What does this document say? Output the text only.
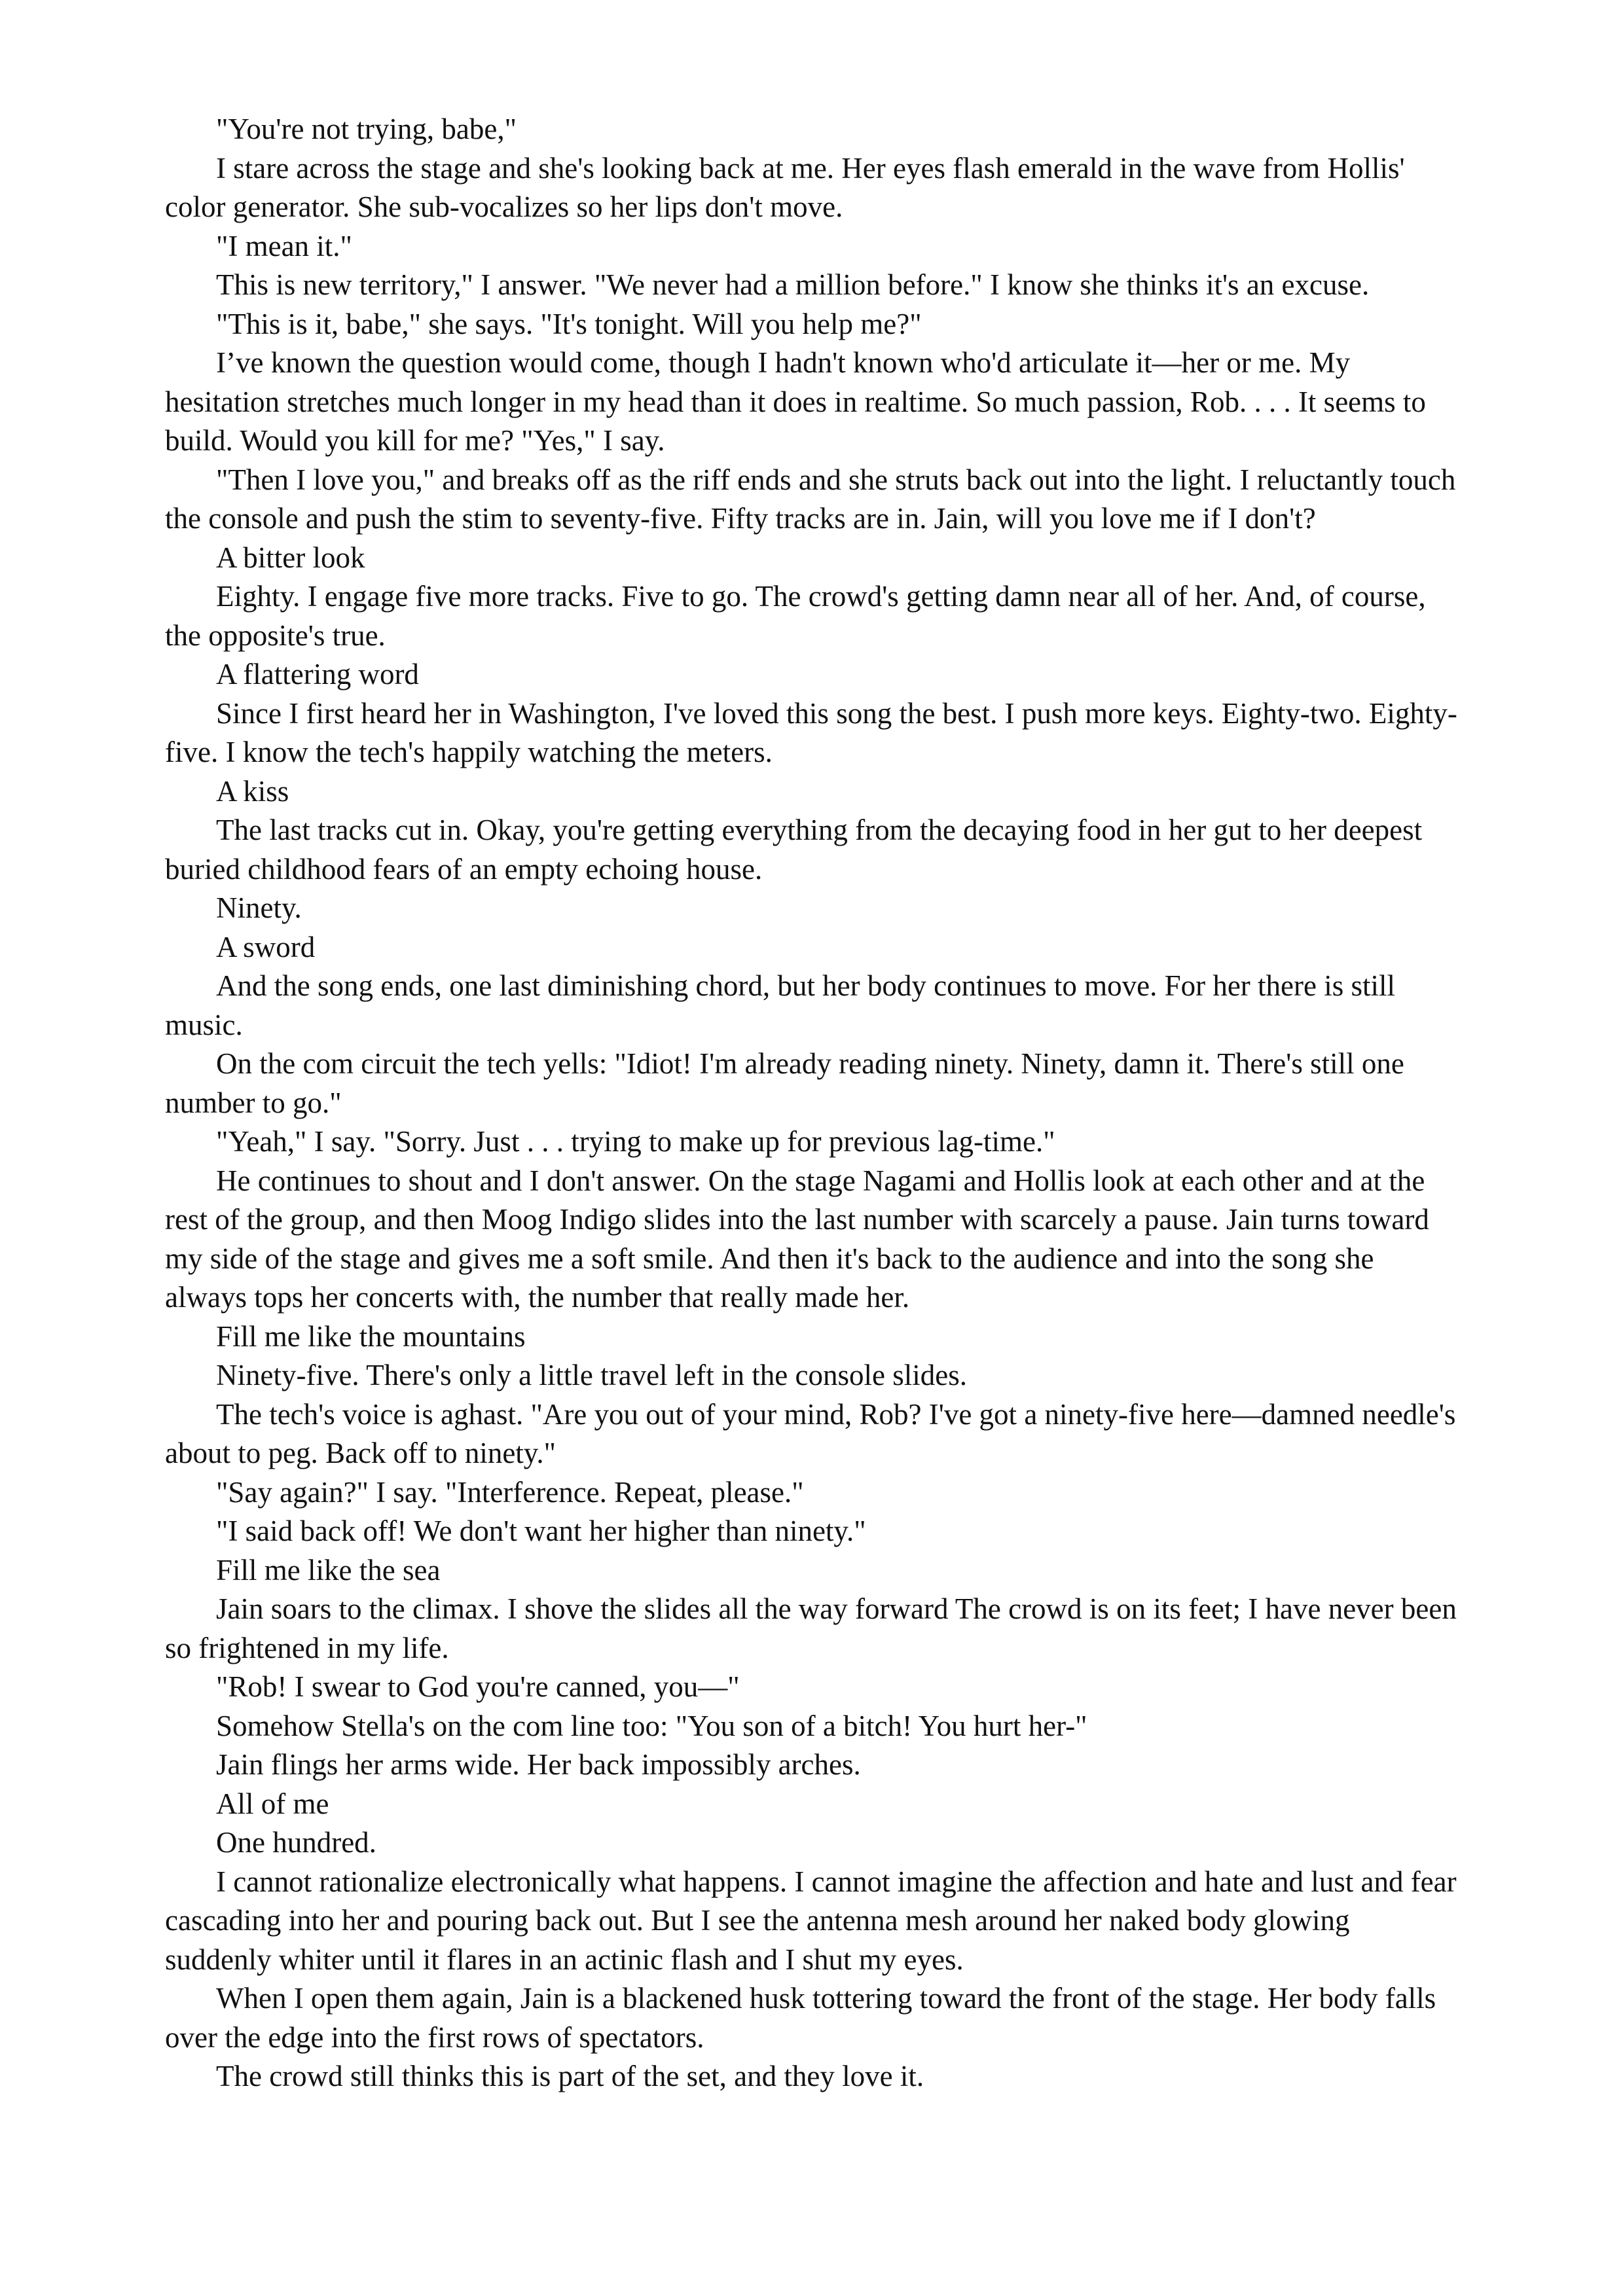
"You're not trying, babe,"

I stare across the stage and she's looking back at me. Her eyes flash emerald in the wave from Hollis' color generator. She sub-vocalizes so her lips don't move.

"I mean it."

This is new territory," I answer. "We never had a million before." I know she thinks it's an excuse.

"This is it, babe," she says. "It's tonight. Will you help me?"

I’ve known the question would come, though I hadn't known who'd articulate it—her or me. My hesitation stretches much longer in my head than it does in realtime. So much passion, Rob. . . . It seems to build. Would you kill for me? "Yes," I say.

"Then I love you," and breaks off as the riff ends and she struts back out into the light. I reluctantly touch the console and push the stim to seventy-five. Fifty tracks are in. Jain, will you love me if I don't?

A bitter look

Eighty. I engage five more tracks. Five to go. The crowd's getting damn near all of her. And, of course, the opposite's true.

A flattering word

Since I first heard her in Washington, I've loved this song the best. I push more keys. Eighty-two. Eighty-five. I know the tech's happily watching the meters.

A kiss

The last tracks cut in. Okay, you're getting everything from the decaying food in her gut to her deepest buried childhood fears of an empty echoing house.

Ninety.

A sword

And the song ends, one last diminishing chord, but her body continues to move. For her there is still music.

On the com circuit the tech yells: "Idiot! I'm already reading ninety. Ninety, damn it. There's still one number to go."

"Yeah," I say. "Sorry. Just . . . trying to make up for previous lag-time."

He continues to shout and I don't answer. On the stage Nagami and Hollis look at each other and at the rest of the group, and then Moog Indigo slides into the last number with scarcely a pause. Jain turns toward my side of the stage and gives me a soft smile. And then it's back to the audience and into the song she always tops her concerts with, the number that really made her.

Fill me like the mountains

Ninety-five. There's only a little travel left in the console slides.

The tech's voice is aghast. "Are you out of your mind, Rob? I've got a ninety-five here—damned needle's about to peg. Back off to ninety."

"Say again?" I say. "Interference. Repeat, please."

"I said back off! We don't want her higher than ninety."

Fill me like the sea

Jain soars to the climax. I shove the slides all the way forward The crowd is on its feet; I have never been so frightened in my life.

"Rob! I swear to God you're canned, you—"

Somehow Stella's on the com line too: "You son of a bitch! You hurt her-"

Jain flings her arms wide. Her back impossibly arches.

All of me

One hundred.

I cannot rationalize electronically what happens. I cannot imagine the affection and hate and lust and fear cascading into her and pouring back out. But I see the antenna mesh around her naked body glowing suddenly whiter until it flares in an actinic flash and I shut my eyes.

When I open them again, Jain is a blackened husk tottering toward the front of the stage. Her body falls over the edge into the first rows of spectators.

The crowd still thinks this is part of the set, and they love it.
